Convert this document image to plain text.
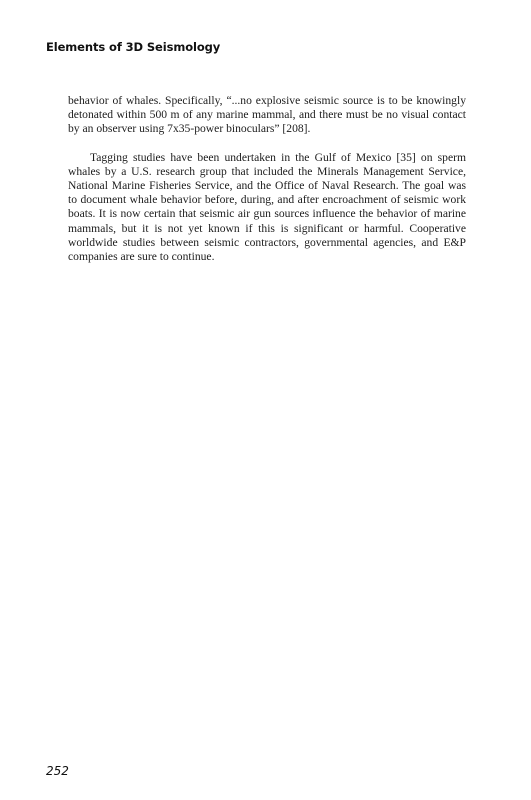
Elements of 3D Seismology

behavior of whales. Specifically, “...no explosive seismic source is to be knowingly detonated within 500 m of any marine mammal, and there must be no visual contact by an observer using 7x35-power binoculars” [208].

Tagging studies have been undertaken in the Gulf of Mexico [35] on sperm whales by a U.S. research group that included the Minerals Management Service, National Marine Fisheries Service, and the Office of Naval Research. The goal was to document whale behavior before, during, and after encroachment of seismic work boats. It is now certain that seismic air gun sources influence the behavior of marine mammals, but it is not yet known if this is significant or harmful. Cooperative worldwide studies between seismic contractors, governmental agencies, and E&P companies are sure to continue.

252
